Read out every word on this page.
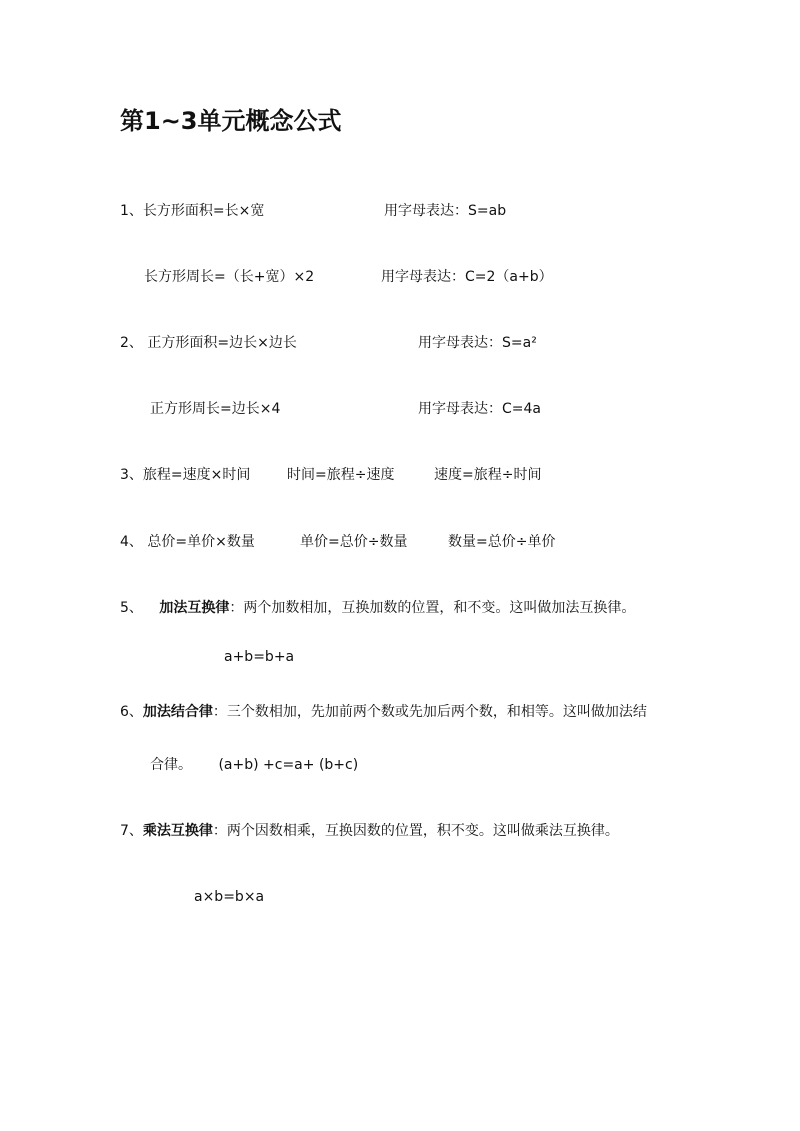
第1~3单元概念公式
1、长方形面积=长×宽	用字母表达：S=ab
长方形周长=（长+宽）×2	用字母表达：C=2（a+b）
2、 正方形面积=边长×边长	用字母表达：S=a²
正方形周长=边长×4	用字母表达：C=4a
3、旅程=速度×时间	时间=旅程÷速度	速度=旅程÷时间
4、 总价=单价×数量	单价=总价÷数量	数量=总价÷单价
5、 加法互换律：两个加数相加，互换加数的位置，和不变。这叫做加法互换律。
a+b=b+a
6、加法结合律：三个数相加，先加前两个数或先加后两个数，和相等。这叫做加法结
合律。 (a+b) +c=a+ (b+c)
7、乘法互换律：两个因数相乘，互换因数的位置，积不变。这叫做乘法互换律。
a×b=b×a
